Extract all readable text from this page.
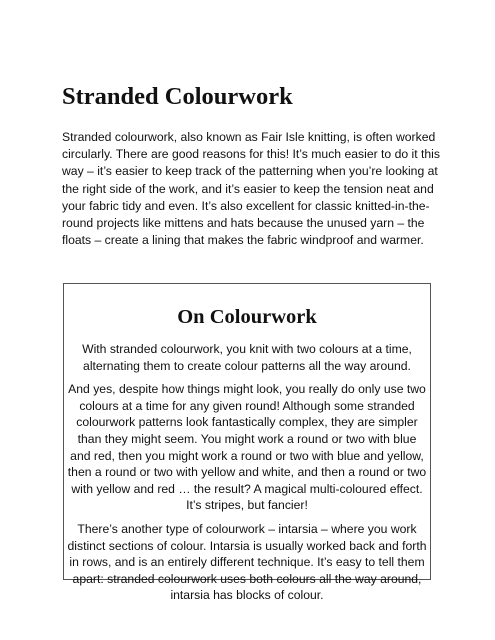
Stranded Colourwork

Stranded colourwork, also known as Fair Isle knitting, is often worked circularly. There are good reasons for this! It’s much easier to do it this way – it’s easier to keep track of the patterning when you’re looking at the right side of the work, and it’s easier to keep the tension neat and your fabric tidy and even. It’s also excellent for classic knitted-in-the-round projects like mittens and hats because the unused yarn – the floats – create a lining that makes the fabric windproof and warmer.

On Colourwork

With stranded colourwork, you knit with two colours at a time, alternating them to create colour patterns all the way around.

And yes, despite how things might look, you really do only use two colours at a time for any given round! Although some stranded colourwork patterns look fantastically complex, they are simpler than they might seem. You might work a round or two with blue and red, then you might work a round or two with blue and yellow, then a round or two with yellow and white, and then a round or two with yellow and red … the result? A magical multi-coloured effect. It’s stripes, but fancier!

There’s another type of colourwork – intarsia – where you work distinct sections of colour. Intarsia is usually worked back and forth in rows, and is an entirely different technique. It’s easy to tell them apart: stranded colourwork uses both colours all the way around, intarsia has blocks of colour.
